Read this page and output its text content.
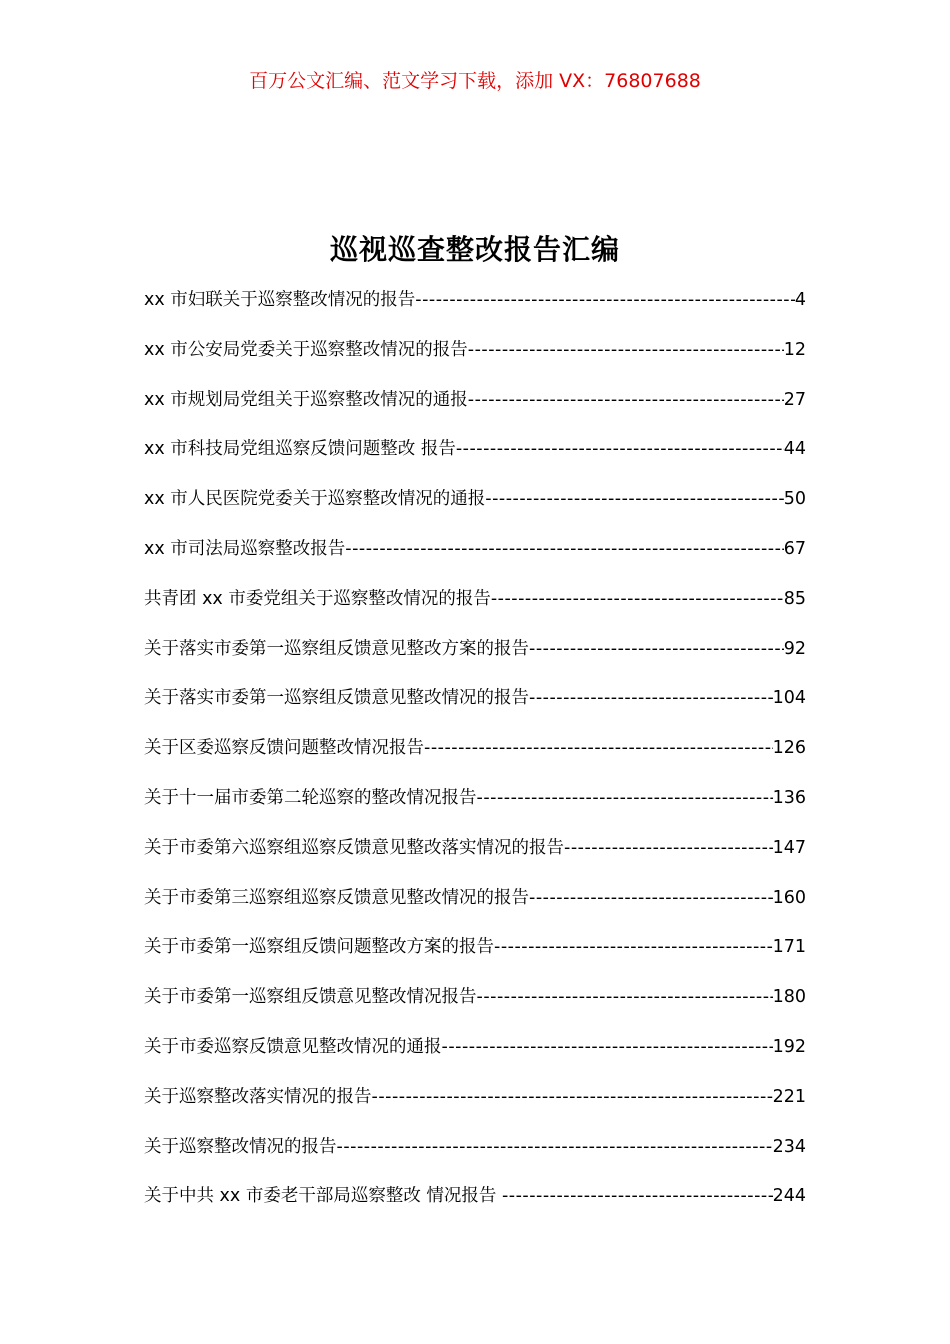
百万公文汇编、范文学习下载，添加 VX：76807688
巡视巡查整改报告汇编
xx 市妇联关于巡察整改情况的报告 -----	4
xx 市公安局党委关于巡察整改情况的报告 -----	12
xx 市规划局党组关于巡察整改情况的通报 -----	27
xx 市科技局党组巡察反馈问题整改 报告 -----	44
xx 市人民医院党委关于巡察整改情况的通报 -----	50
xx 市司法局巡察整改报告 -----	67
共青团 xx 市委党组关于巡察整改情况的报告 -----	85
关于落实市委第一巡察组反馈意见整改方案的报告 -----	92
关于落实市委第一巡察组反馈意见整改情况的报告 -----	104
关于区委巡察反馈问题整改情况报告 -----	126
关于十一届市委第二轮巡察的整改情况报告 -----	136
关于市委第六巡察组巡察反馈意见整改落实情况的报告 -----	147
关于市委第三巡察组巡察反馈意见整改情况的报告 -----	160
关于市委第一巡察组反馈问题整改方案的报告 -----	171
关于市委第一巡察组反馈意见整改情况报告 -----	180
关于市委巡察反馈意见整改情况的通报 -----	192
关于巡察整改落实情况的报告 -----	221
关于巡察整改情况的报告 -----	234
关于中共 xx 市委老干部局巡察整改 情况报告 -----	244
